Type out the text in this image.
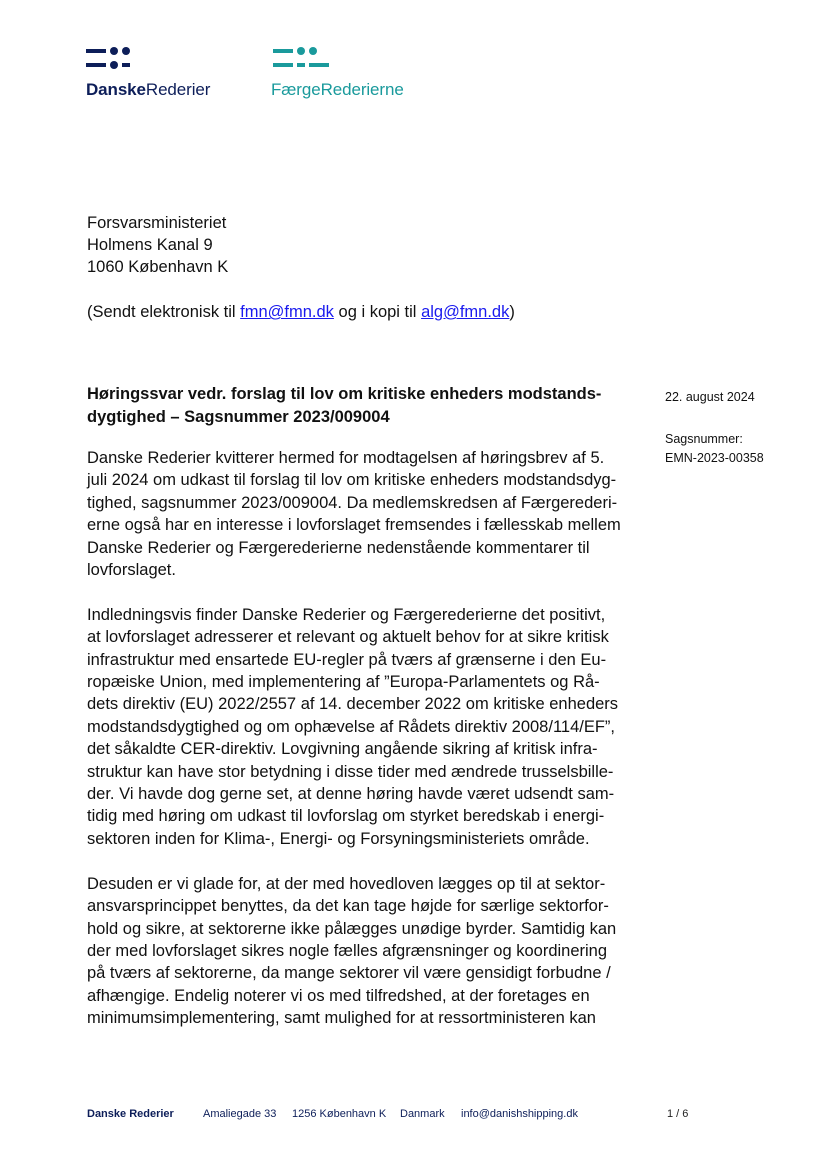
DanskeRederier	FærgeRederierne
Forsvarsministeriet
Holmens Kanal 9
1060 København K
(Sendt elektronisk til fmn@fmn.dk og i kopi til alg@fmn.dk)
22. august 2024
Sagsnummer:
EMN-2023-00358
Høringssvar vedr. forslag til lov om kritiske enheders modstands-
dygtighed – Sagsnummer 2023/009004

Danske Rederier kvitterer hermed for modtagelsen af høringsbrev af 5.
juli 2024 om udkast til forslag til lov om kritiske enheders modstandsdyg-
tighed, sagsnummer 2023/009004. Da medlemskredsen af Færgerederi-
erne også har en interesse i lovforslaget fremsendes i fællesskab mellem
Danske Rederier og Færgerederierne nedenstående kommentarer til
lovforslaget.

Indledningsvis finder Danske Rederier og Færgerederierne det positivt,
at lovforslaget adresserer et relevant og aktuelt behov for at sikre kritisk
infrastruktur med ensartede EU-regler på tværs af grænserne i den Eu-
ropæiske Union, med implementering af ”Europa-Parlamentets og Rå-
dets direktiv (EU) 2022/2557 af 14. december 2022 om kritiske enheders
modstandsdygtighed og om ophævelse af Rådets direktiv 2008/114/EF”,
det såkaldte CER-direktiv. Lovgivning angående sikring af kritisk infra-
struktur kan have stor betydning i disse tider med ændrede trusselsbille-
der. Vi havde dog gerne set, at denne høring havde været udsendt sam-
tidig med høring om udkast til lovforslag om styrket beredskab i energi-
sektoren inden for Klima-, Energi- og Forsyningsministeriets område.

Desuden er vi glade for, at der med hovedloven lægges op til at sektor-
ansvarsprincippet benyttes, da det kan tage højde for særlige sektorfor-
hold og sikre, at sektorerne ikke pålægges unødige byrder. Samtidig kan
der med lovforslaget sikres nogle fælles afgrænsninger og koordinering
på tværs af sektorerne, da mange sektorer vil være gensidigt forbudne /
afhængige. Endelig noterer vi os med tilfredshed, at der foretages en
minimumsimplementering, samt mulighed for at ressortministeren kan

Danske Rederier	Amaliegade 33 1256 København K Danmark info@danishshipping.dk	1 / 6
